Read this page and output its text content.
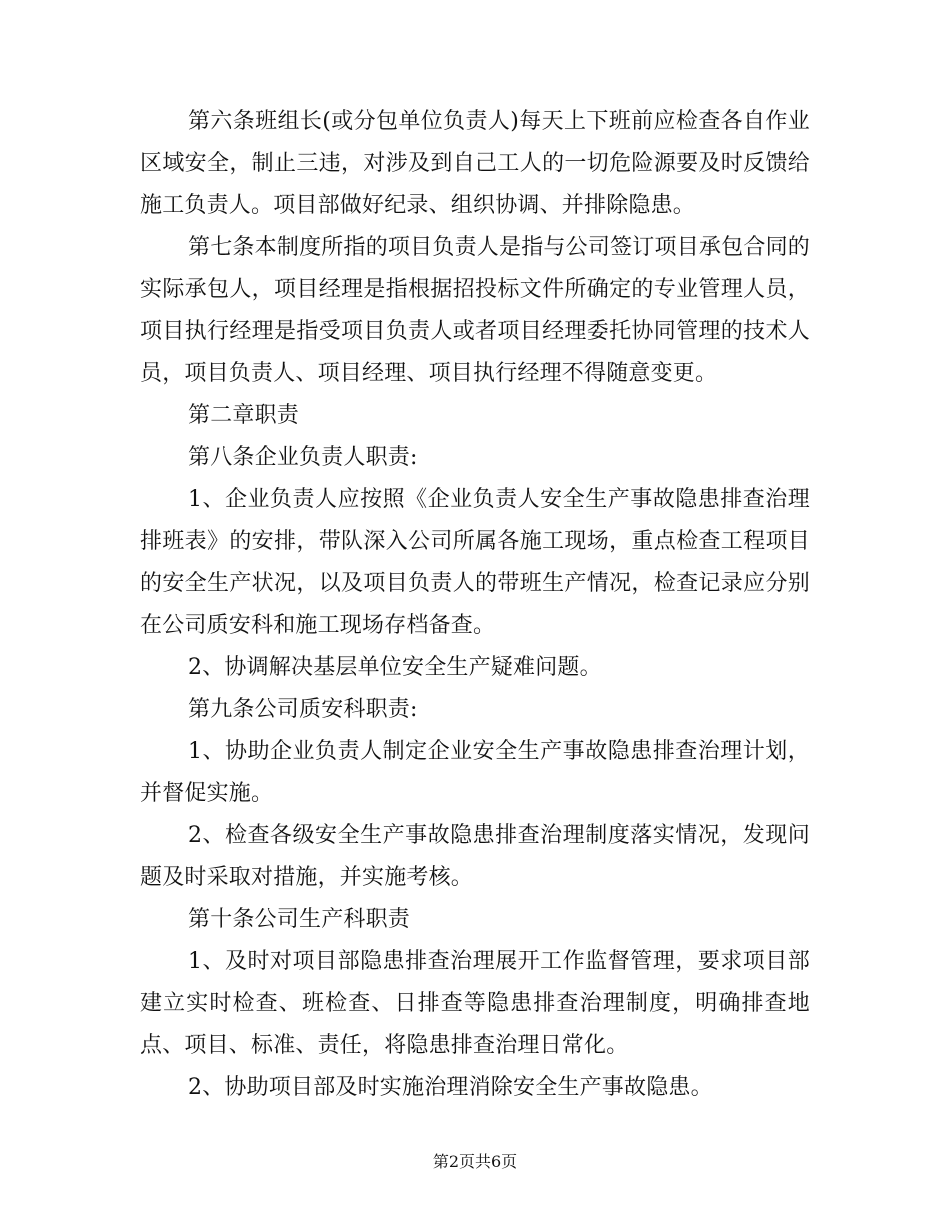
第六条班组长(或分包单位负责人)每天上下班前应检查各自作业区域安全，制止三违，对涉及到自己工人的一切危险源要及时反馈给施工负责人。项目部做好纪录、组织协调、并排除隐患。

第七条本制度所指的项目负责人是指与公司签订项目承包合同的实际承包人，项目经理是指根据招投标文件所确定的专业管理人员，项目执行经理是指受项目负责人或者项目经理委托协同管理的技术人员，项目负责人、项目经理、项目执行经理不得随意变更。

第二章职责

第八条企业负责人职责:

1、企业负责人应按照《企业负责人安全生产事故隐患排查治理排班表》的安排，带队深入公司所属各施工现场，重点检查工程项目的安全生产状况，以及项目负责人的带班生产情况，检查记录应分别在公司质安科和施工现场存档备查。

2、协调解决基层单位安全生产疑难问题。

第九条公司质安科职责:

1、协助企业负责人制定企业安全生产事故隐患排查治理计划，并督促实施。

2、检查各级安全生产事故隐患排查治理制度落实情况，发现问题及时采取对措施，并实施考核。

第十条公司生产科职责

1、及时对项目部隐患排查治理展开工作监督管理，要求项目部建立实时检查、班检查、日排查等隐患排查治理制度，明确排查地点、项目、标准、责任，将隐患排查治理日常化。

2、协助项目部及时实施治理消除安全生产事故隐患。

第2页共6页
